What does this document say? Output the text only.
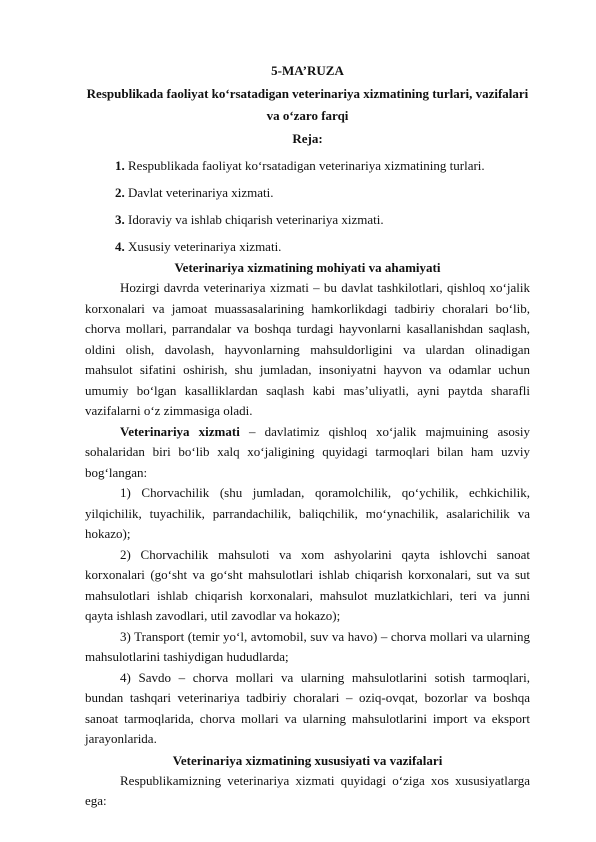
5-MA’RUZA

Respublikada faoliyat ko‘rsatadigan veterinariya xizmatining turlari, vazifalari va o‘zaro farqi

Reja:

1. Respublikada faoliyat ko‘rsatadigan veterinariya xizmatining turlari.

2. Davlat veterinariya xizmati.

3. Idoraviy va ishlab chiqarish veterinariya xizmati.

4. Xususiy veterinariya xizmati.

Veterinariya xizmatining mohiyati va ahamiyati

Hozirgi davrda veterinariya xizmati – bu davlat tashkilotlari, qishloq xo‘jalik korxonalari va jamoat muassasalarining hamkorlikdagi tadbiriy choralari bo‘lib, chorva mollari, parrandalar va boshqa turdagi hayvonlarni kasallanishdan saqlash, oldini olish, davolash, hayvonlarning mahsuldorligini va ulardan olinadigan mahsulot sifatini oshirish, shu jumladan, insoniyatni hayvon va odamlar uchun umumiy bo‘lgan kasalliklardan saqlash kabi mas’uliyatli, ayni paytda sharafli vazifalarni o‘z zimmasiga oladi.

Veterinariya xizmati – davlatimiz qishloq xo‘jalik majmuining asosiy sohalaridan biri bo‘lib xalq xo‘jaligining quyidagi tarmoqlari bilan ham uzviy bog‘langan:

1) Chorvachilik (shu jumladan, qoramolchilik, qo‘ychilik, echkichilik, yilqichilik, tuyachilik, parrandachilik, baliqchilik, mo‘ynachilik, asalarichilik va hokazo);

2) Chorvachilik mahsuloti va xom ashyolarini qayta ishlovchi sanoat korxonalari (go‘sht va go‘sht mahsulotlari ishlab chiqarish korxonalari, sut va sut mahsulotlari ishlab chiqarish korxonalari, mahsulot muzlatkichlari, teri va junni qayta ishlash zavodlari, util zavodlar va hokazo);

3) Transport (temir yo‘l, avtomobil, suv va havo) – chorva mollari va ularning mahsulotlarini tashiydigan hududlarda;

4) Savdo – chorva mollari va ularning mahsulotlarini sotish tarmoqlari, bundan tashqari veterinariya tadbiriy choralari – oziq-ovqat, bozorlar va boshqa sanoat tarmoqlarida, chorva mollari va ularning mahsulotlarini import va eksport jarayonlarida.

Veterinariya xizmatining xususiyati va vazifalari

Respublikamizning veterinariya xizmati quyidagi o‘ziga xos xususiyatlarga ega:
